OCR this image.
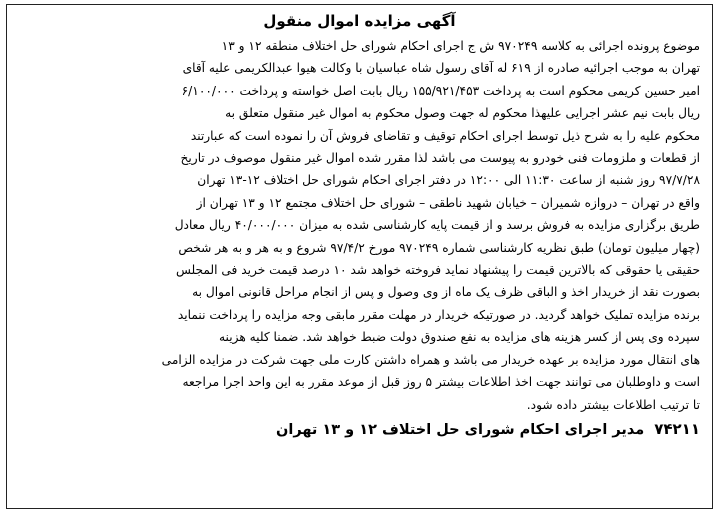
آگهی مزایده اموال منقول
موضوع پرونده اجرائی به کلاسه ۹۷۰۲۴۹ ش ج اجرای احکام شورای حل اختلاف منطقه ۱۲ و ۱۳
تهران به موجب اجرائیه صادره از ۶۱۹ له آقای رسول شاه عباسیان با وکالت هیوا عبدالکریمی علیه آقای
امیر حسین کریمی محکوم است به پرداخت ۱۵۵/۹۲۱/۴۵۳ ریال بابت اصل خواسته و پرداخت ۶/۱۰۰/۰۰۰
ریال بابت نیم عشر اجرایی علیهذا محکوم له جهت وصول محکوم به اموال غیر منقول متعلق به
محکوم علیه را به شرح ذیل توسط اجرای احکام توقیف و تقاضای فروش آن را نموده است که عبارتند
از قطعات و ملزومات فنی خودرو به پیوست می باشد لذا مقرر شده اموال غیر منقول موصوف در تاریخ
۹۷/۷/۲۸ روز شنبه از ساعت ۱۱:۳۰ الی ۱۲:۰۰ در دفتر اجرای احکام شورای حل اختلاف ۱۲-۱۳ تهران
واقع در تهران – دروازه شمیران – خیابان شهید ناطقی – شورای حل اختلاف مجتمع ۱۲ و ۱۳ تهران از
طریق برگزاری مزایده به فروش برسد و از قیمت پایه کارشناسی شده به میزان ۴۰/۰۰۰/۰۰۰ ریال معادل
(چهار میلیون تومان) طبق نظریه کارشناسی شماره ۹۷۰۲۴۹ مورخ ۹۷/۴/۲ شروع و به هر و به هر شخص
حقیقی یا حقوقی که بالاترین قیمت را پیشنهاد نماید فروخته خواهد شد ۱۰ درصد قیمت خرید فی المجلس
بصورت نقد از خریدار اخذ و الباقی ظرف یک ماه از وی وصول و پس از انجام مراحل قانونی اموال به
برنده مزایده تملیک خواهد گردید. در صورتیکه خریدار در مهلت مقرر مابقی وجه مزایده را پرداخت ننماید
سپرده وی پس از کسر هزینه های مزایده به نفع صندوق دولت ضبط خواهد شد. ضمنا کلیه هزینه
های انتقال مورد مزایده بر عهده خریدار می باشد و همراه داشتن کارت ملی جهت شرکت در مزایده الزامی
است و داوطلبان می توانند جهت اخذ اطلاعات بیشتر ۵ روز قبل از موعد مقرر به این واحد اجرا مراجعه
تا ترتیب اطلاعات بیشتر داده شود.
۷۴۲۱۱
مدیر اجرای احکام شورای حل اختلاف ۱۲ و ۱۳ تهران
